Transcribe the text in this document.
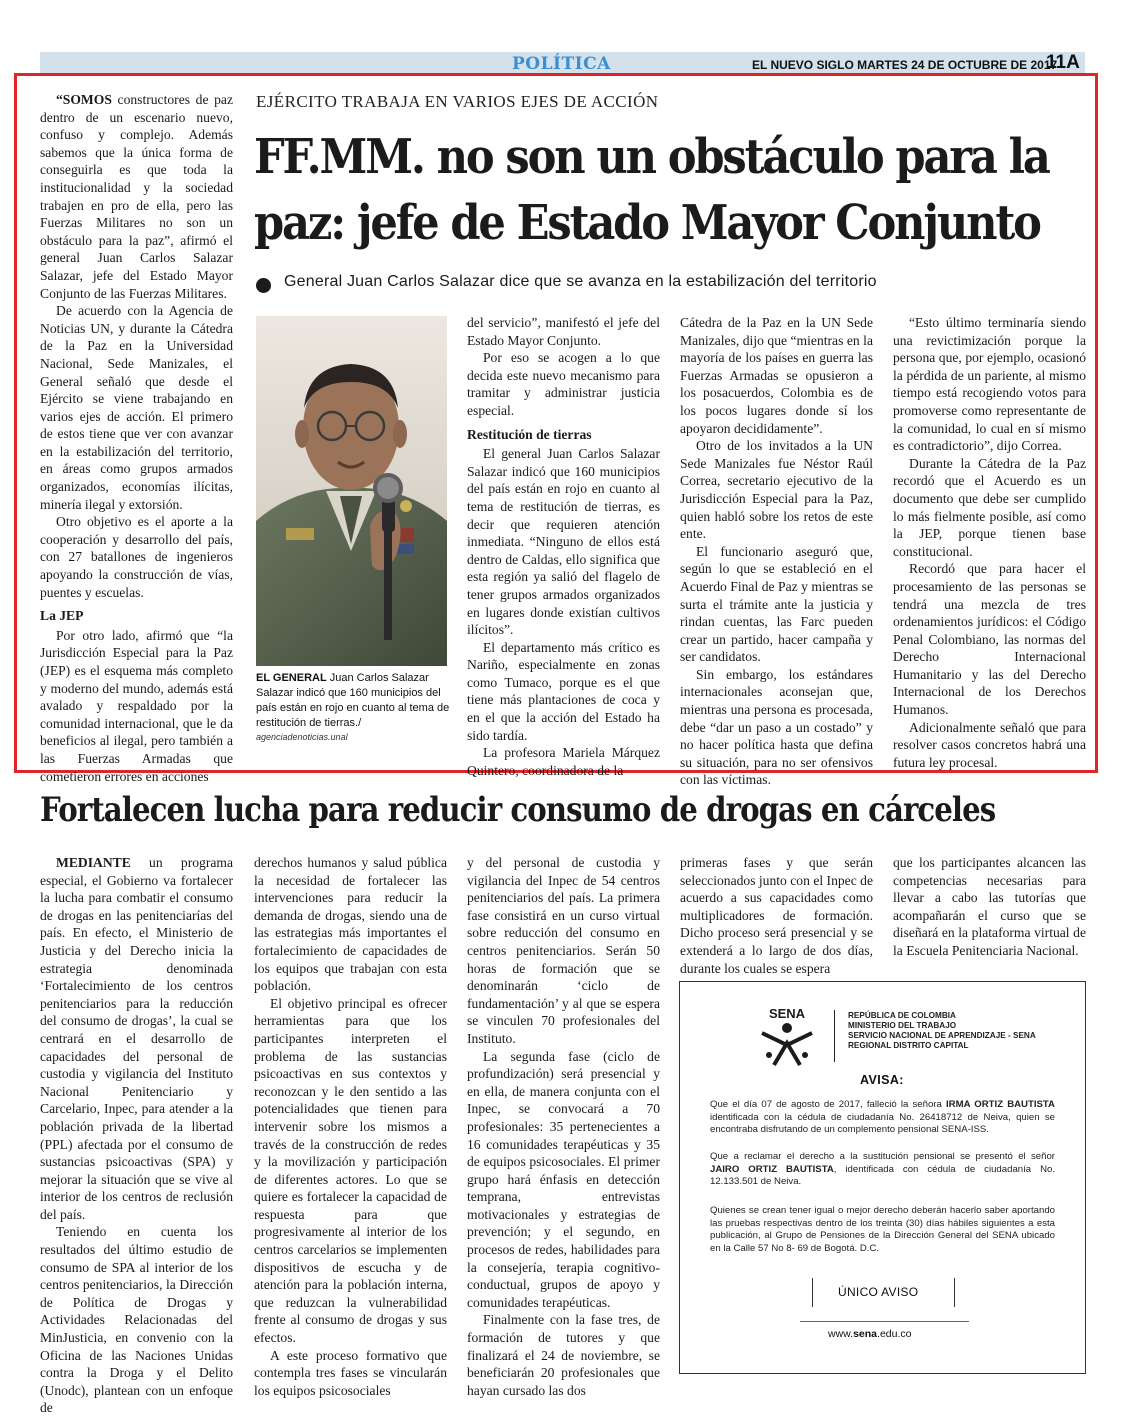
POLÍTICA	EL NUEVO SIGLO MARTES 24 DE OCTUBRE DE 2017
11A
EJÉRCITO TRABAJA EN VARIOS EJES DE ACCIÓN
FF.MM. no son un obstáculo para la
paz: jefe de Estado Mayor Conjunto
General Juan Carlos Salazar dice que se avanza en la estabilización del territorio

“SOMOS constructores de paz dentro de un escenario nuevo, confuso y complejo. Además sabemos que la única forma de conseguirla es que toda la institucionalidad y la sociedad trabajen en pro de ella, pero las Fuerzas Militares no son un obstáculo para la paz”, afirmó el general Juan Carlos Salazar Salazar, jefe del Estado Mayor Conjunto de las Fuerzas Militares.

De acuerdo con la Agencia de Noticias UN, y durante la Cátedra de la Paz en la Universidad Nacional, Sede Manizales, el General señaló que desde el Ejército se viene trabajando en varios ejes de acción. El primero de estos tiene que ver con avanzar en la estabilización del territorio, en áreas como grupos armados organizados, economías ilícitas, minería ilegal y extorsión.

Otro objetivo es el aporte a la cooperación y desarrollo del país, con 27 batallones de ingenieros apoyando la construcción de vías, puentes y escuelas.

La JEP

Por otro lado, afirmó que “la Jurisdicción Especial para la Paz (JEP) es el esquema más completo y moderno del mundo, además está avalado y respaldado por la comunidad internacional, que le da beneficios al ilegal, pero también a las Fuerzas Armadas que cometieron errores en acciones

EL GENERAL Juan Carlos Salazar Salazar indicó que 160 municipios del país están en rojo en cuanto al tema de restitución de tierras./
agenciadenoticias.unal

del servicio”, manifestó el jefe del Estado Mayor Conjunto.

Por eso se acogen a lo que decida este nuevo mecanismo para tramitar y administrar justicia especial.

Restitución de tierras

El general Juan Carlos Salazar Salazar indicó que 160 municipios del país están en rojo en cuanto al tema de restitución de tierras, es decir que requieren atención inmediata. “Ninguno de ellos está dentro de Caldas, ello significa que esta región ya salió del flagelo de tener grupos armados organizados en lugares donde existían cultivos ilícitos”.

El departamento más crítico es Nariño, especialmente en zonas como Tumaco, porque es el que tiene más plantaciones de coca y en el que la acción del Estado ha sido tardía.

La profesora Mariela Márquez Quintero, coordinadora de la

Cátedra de la Paz en la UN Sede Manizales, dijo que “mientras en la mayoría de los países en guerra las Fuerzas Armadas se opusieron a los posacuerdos, Colombia es de los pocos lugares donde sí los apoyaron decididamente”.

Otro de los invitados a la UN Sede Manizales fue Néstor Raúl Correa, secretario ejecutivo de la Jurisdicción Especial para la Paz, quien habló sobre los retos de este ente.

El funcionario aseguró que, según lo que se estableció en el Acuerdo Final de Paz y mientras se surta el trámite ante la justicia y rindan cuentas, las Farc pueden crear un partido, hacer campaña y ser candidatos.

Sin embargo, los estándares internacionales aconsejan que, mientras una persona es procesada, debe “dar un paso a un costado” y no hacer política hasta que defina su situación, para no ser ofensivos con las víctimas.

“Esto último terminaría siendo una revictimización porque la persona que, por ejemplo, ocasionó la pérdida de un pariente, al mismo tiempo está recogiendo votos para promoverse como representante de la comunidad, lo cual en sí mismo es contradictorio”, dijo Correa.

Durante la Cátedra de la Paz recordó que el Acuerdo es un documento que debe ser cumplido lo más fielmente posible, así como la JEP, porque tienen base constitucional.

Recordó que para hacer el procesamiento de las personas se tendrá una mezcla de tres ordenamientos jurídicos: el Código Penal Colombiano, las normas del Derecho Internacional Humanitario y las del Derecho Internacional de los Derechos Humanos.

Adicionalmente señaló que para resolver casos concretos habrá una futura ley procesal.

Fortalecen lucha para reducir consumo de drogas en cárceles

MEDIANTE un programa especial, el Gobierno va fortalecer la lucha para combatir el consumo de drogas en las penitenciarías del país. En efecto, el Ministerio de Justicia y del Derecho inicia la estrategia denominada ‘Fortalecimiento de los centros penitenciarios para la reducción del consumo de drogas’, la cual se centrará en el desarrollo de capacidades del personal de custodia y vigilancia del Instituto Nacional Penitenciario y Carcelario, Inpec, para atender a la población privada de la libertad (PPL) afectada por el consumo de sustancias psicoactivas (SPA) y mejorar la situación que se vive al interior de los centros de reclusión del país.

Teniendo en cuenta los resultados del último estudio de consumo de SPA al interior de los centros penitenciarios, la Dirección de Política de Drogas y Actividades Relacionadas del MinJusticia, en convenio con la Oficina de las Naciones Unidas contra la Droga y el Delito (Unodc), plantean con un enfoque de

derechos humanos y salud pública la necesidad de fortalecer las intervenciones para reducir la demanda de drogas, siendo una de las estrategias más importantes el fortalecimiento de capacidades de los equipos que trabajan con esta población.

El objetivo principal es ofrecer herramientas para que los participantes interpreten el problema de las sustancias psicoactivas en sus contextos y reconozcan y le den sentido a las potencialidades que tienen para intervenir sobre los mismos a través de la construcción de redes y la movilización y participación de diferentes actores. Lo que se quiere es fortalecer la capacidad de respuesta para que progresivamente al interior de los centros carcelarios se implementen dispositivos de escucha y de atención para la población interna, que reduzcan la vulnerabilidad frente al consumo de drogas y sus efectos.

A este proceso formativo que contempla tres fases se vincularán los equipos psicosociales

y del personal de custodia y vigilancia del Inpec de 54 centros penitenciarios del país. La primera fase consistirá en un curso virtual sobre reducción del consumo en centros penitenciarios. Serán 50 horas de formación que se denominarán ‘ciclo de fundamentación’ y al que se espera se vinculen 70 profesionales del Instituto.

La segunda fase (ciclo de profundización) será presencial y en ella, de manera conjunta con el Inpec, se convocará a 70 profesionales: 35 pertenecientes a 16 comunidades terapéuticas y 35 de equipos psicosociales. El primer grupo hará énfasis en detección temprana, entrevistas motivacionales y estrategias de prevención; y el segundo, en procesos de redes, habilidades para la consejería, terapia cognitivo-conductual, grupos de apoyo y comunidades terapéuticas.

Finalmente con la fase tres, de formación de tutores y que finalizará el 24 de noviembre, se beneficiarán 20 profesionales que hayan cursado las dos

primeras fases y que serán seleccionados junto con el Inpec de acuerdo a sus capacidades como multiplicadores de formación. Dicho proceso será presencial y se extenderá a lo largo de dos días, durante los cuales se espera

que los participantes alcancen las competencias necesarias para llevar a cabo las tutorías que acompañarán el curso que se diseñará en la plataforma virtual de la Escuela Penitenciaria Nacional.

SENA	REPÚBLICA DE COLOMBIA
MINISTERIO DEL TRABAJO
SERVICIO NACIONAL DE APRENDIZAJE - SENA
REGIONAL DISTRITO CAPITAL
AVISA:
Que el día 07 de agosto de 2017, falleció la señora IRMA ORTIZ BAUTISTA identificada con la cédula de ciudadanía No. 26418712 de Neiva, quien se encontraba disfrutando de un complemento pensional SENA-ISS.
Que a reclamar el derecho a la sustitución pensional se presentó el señor JAIRO ORTIZ BAUTISTA, identificada con cédula de ciudadanía No. 12.133.501 de Neiva.
Quienes se crean tener igual o mejor derecho deberán hacerlo saber aportando las pruebas respectivas dentro de los treinta (30) días hábiles siguientes a esta publicación, al Grupo de Pensiones de la Dirección General del SENA ubicado en la Calle 57 No 8- 69 de Bogotá. D.C.
ÚNICO AVISO
www.sena.edu.co
